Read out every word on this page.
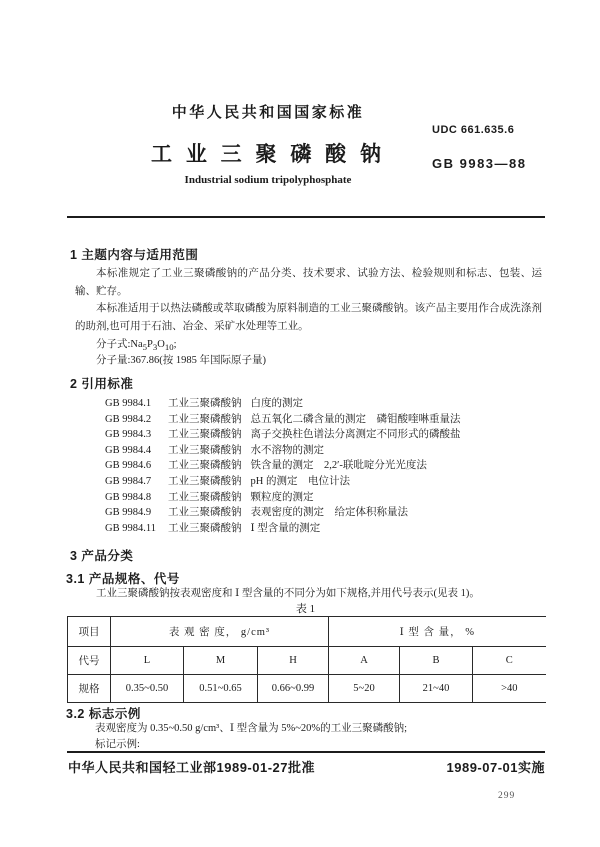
中华人民共和国国家标准
工 业 三 聚 磷 酸 钠
Industrial sodium tripolyphosphate
UDC 661.635.6
GB 9983—88
1 主题内容与适用范围
本标准规定了工业三聚磷酸钠的产品分类、技术要求、试验方法、检验规则和标志、包装、运输、贮存。
本标准适用于以热法磷酸或萃取磷酸为原料制造的工业三聚磷酸钠。该产品主要用作合成洗涤剂的助剂,也可用于石油、冶金、采矿水处理等工业。
分子式$:Na_5P_3O_{10}$;
分子量:367.86(按 1985 年国际原子量)
2 引用标准
GB 9984.1 工业三聚磷酸钠 白度的测定
GB 9984.2 工业三聚磷酸钠 总五氧化二磷含量的测定　磷钼酸喹啉重量法
GB 9984.3 工业三聚磷酸钠 离子交换柱色谱法分离测定不同形式的磷酸盐
GB 9984.4 工业三聚磷酸钠 水不溶物的测定
GB 9984.6 工业三聚磷酸钠 铁含量的测定　2,2′-联吡啶分光光度法
GB 9984.7 工业三聚磷酸钠 pH 的测定　电位计法
GB 9984.8 工业三聚磷酸钠 颗粒度的测定
GB 9984.9 工业三聚磷酸钠 表观密度的测定　给定体积称量法
GB 9984.11 工业三聚磷酸钠 Ⅰ 型含量的测定
3 产品分类
3.1 产品规格、代号
工业三聚磷酸钠按表观密度和 Ⅰ 型含量的不同分为如下规格,并用代号表示(见表 1)。
表 1
项目	表 观 密 度， g/cm³			Ⅰ 型 含 量， %		
代号	L	M	H	A	B	C
规格	0.35~0.50	0.51~0.65	0.66~0.99	5~20	21~40	>40
3.2 标志示例
表观密度为 0.35~0.50 g/cm³、Ⅰ 型含量为 5%~20%的工业三聚磷酸钠;
标记示例:
中华人民共和国轻工业部1989-01-27批准	1989-07-01实施
299
